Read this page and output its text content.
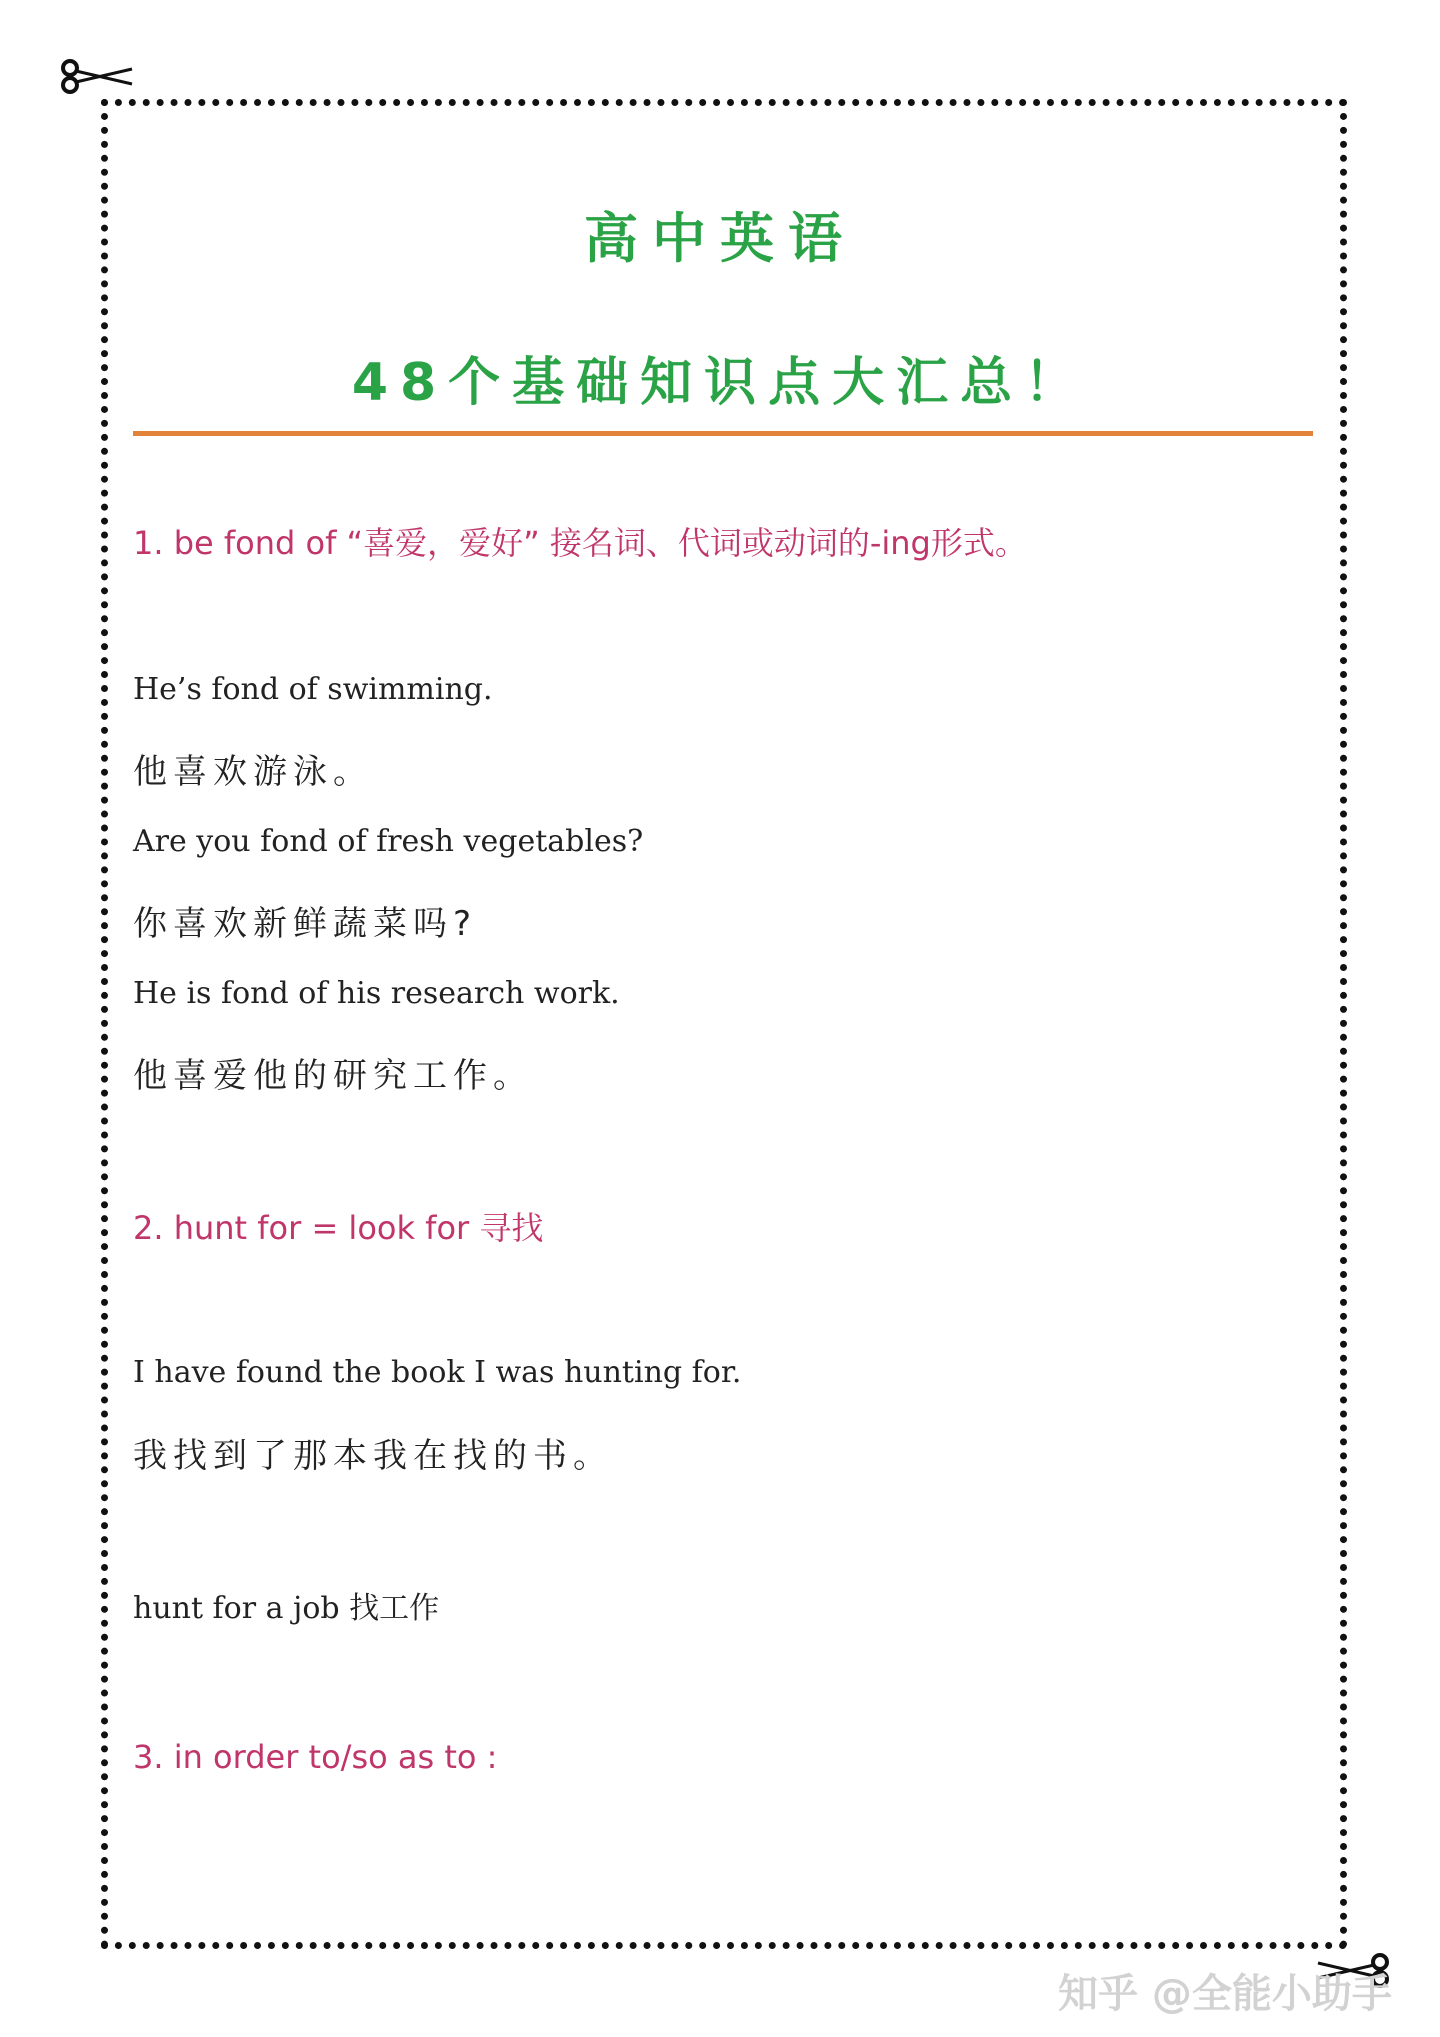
高中英语
48个基础知识点大汇总！
1. be fond of “喜爱，爱好” 接名词、代词或动词的-ing形式。
He’s fond of swimming.
他喜欢游泳。
Are you fond of fresh vegetables?
你喜欢新鲜蔬菜吗?
He is fond of his research work.
他喜爱他的研究工作。
2. hunt for = look for 寻找
I have found the book I was hunting for.
我找到了那本我在找的书。
hunt for a job 找工作
3. in order to/so as to :
知乎 @全能小助手
